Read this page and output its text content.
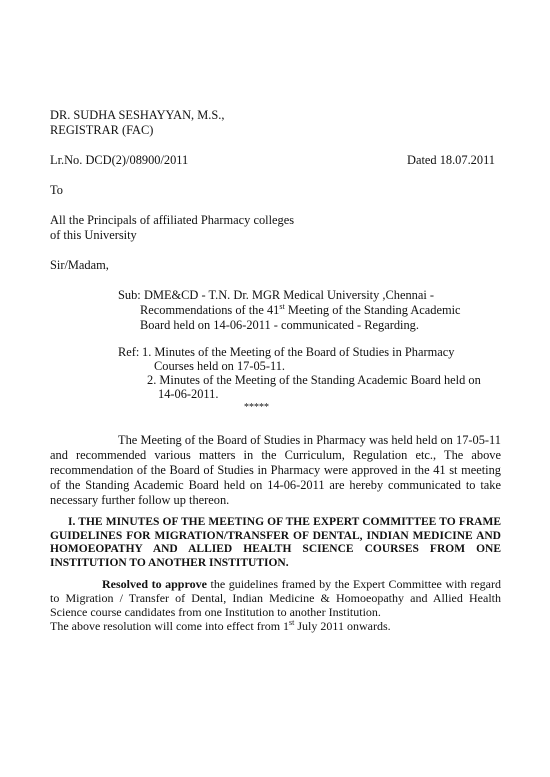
DR. SUDHA SESHAYYAN, M.S.,
REGISTRAR (FAC)
Lr.No. DCD(2)/08900/2011	Dated 18.07.2011
To
All the Principals of affiliated Pharmacy colleges
of this University
Sir/Madam,
Sub: DME&CD - T.N. Dr. MGR Medical University ,Chennai -
Recommendations of the 41st Meeting of the Standing Academic
Board held on 14-06-2011 - communicated - Regarding.
Ref: 1. Minutes of the Meeting of the Board of Studies in Pharmacy
Courses held on 17-05-11.
2. Minutes of the Meeting of the Standing Academic Board held on
14-06-2011.
*****
The Meeting of the Board of Studies in Pharmacy was held held on 17-05-11 and recommended various matters in the Curriculum, Regulation etc., The above recommendation of the Board of Studies in Pharmacy were approved in the 41 st meeting of the Standing Academic Board held on 14-06-2011 are hereby communicated to take necessary further follow up thereon.
I. THE MINUTES OF THE MEETING OF THE EXPERT COMMITTEE TO FRAME GUIDELINES FOR MIGRATION/TRANSFER OF DENTAL, INDIAN MEDICINE AND HOMOEOPATHY AND ALLIED HEALTH SCIENCE COURSES FROM ONE INSTITUTION TO ANOTHER INSTITUTION.
Resolved to approve the guidelines framed by the Expert Committee with regard to Migration / Transfer of Dental, Indian Medicine & Homoeopathy and Allied Health Science course candidates from one Institution to another Institution.
The above resolution will come into effect from 1st July 2011 onwards.
